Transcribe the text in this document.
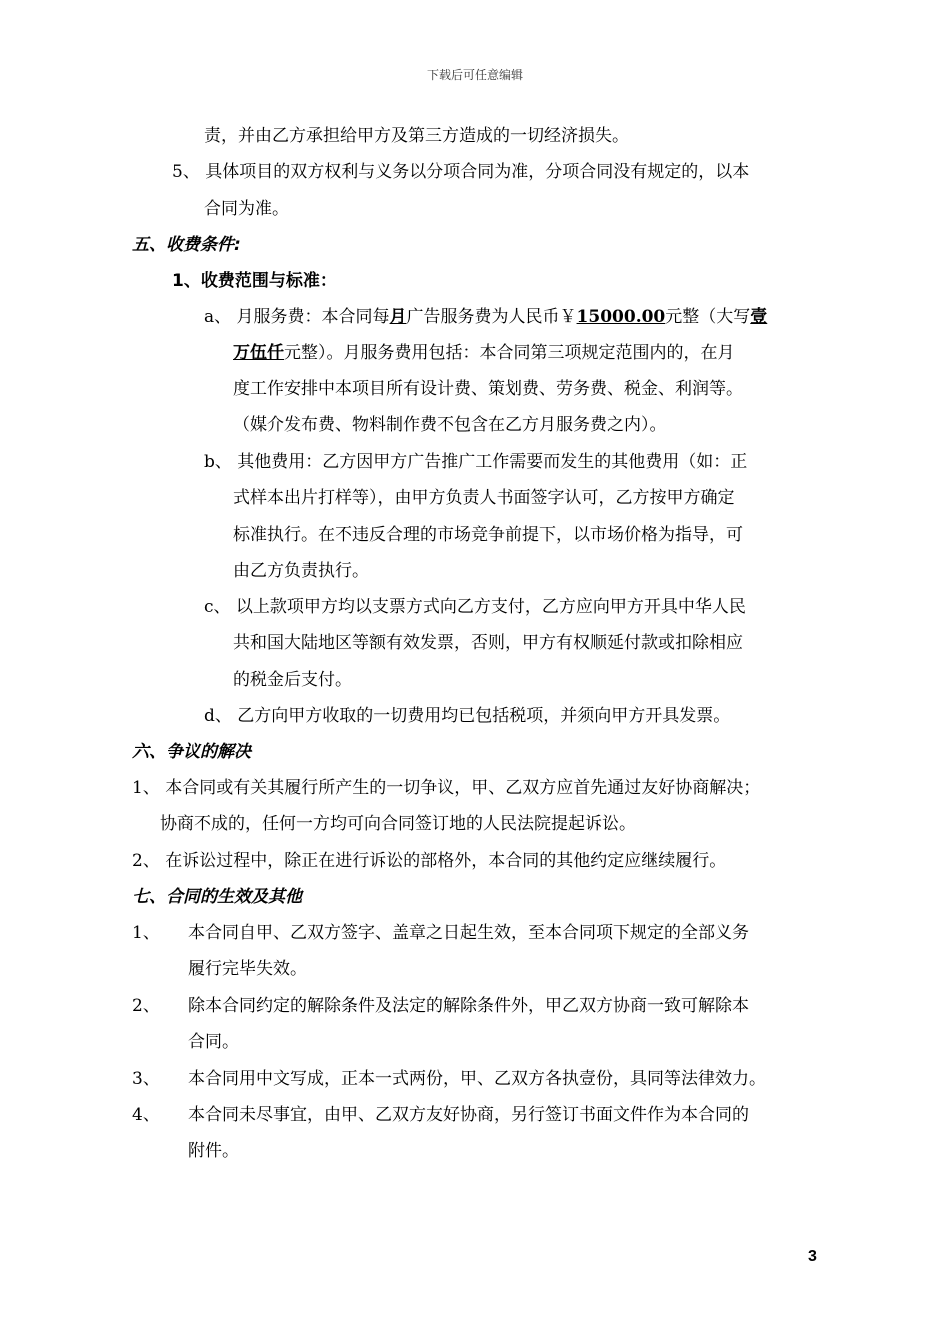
下载后可任意编辑
责，并由乙方承担给甲方及第三方造成的一切经济损失。
5、 具体项目的双方权利与义务以分项合同为准，分项合同没有规定的，以本
合同为准。
五、收费条件:
1、收费范围与标准：
a、 月服务费：本合同每月广告服务费为人民币￥15000.00元整（大写壹
万伍仟元整）。月服务费用包括：本合同第三项规定范围内的，在月
度工作安排中本项目所有设计费、策划费、劳务费、税金、利润等。
（媒介发布费、物料制作费不包含在乙方月服务费之内）。
b、 其他费用：乙方因甲方广告推广工作需要而发生的其他费用（如：正
式样本出片打样等），由甲方负责人书面签字认可，乙方按甲方确定
标准执行。在不违反合理的市场竞争前提下，以市场价格为指导，可
由乙方负责执行。
c、 以上款项甲方均以支票方式向乙方支付，乙方应向甲方开具中华人民
共和国大陆地区等额有效发票，否则，甲方有权顺延付款或扣除相应
的税金后支付。
d、 乙方向甲方收取的一切费用均已包括税项，并须向甲方开具发票。
六、争议的解决
1、 本合同或有关其履行所产生的一切争议，甲、乙双方应首先通过友好协商解决；
协商不成的，任何一方均可向合同签订地的人民法院提起诉讼。
2、 在诉讼过程中，除正在进行诉讼的部格外，本合同的其他约定应继续履行。
七、合同的生效及其他
1、 本合同自甲、乙双方签字、盖章之日起生效，至本合同项下规定的全部义务
履行完毕失效。
2、 除本合同约定的解除条件及法定的解除条件外，甲乙双方协商一致可解除本
合同。
3、 本合同用中文写成，正本一式两份，甲、乙双方各执壹份，具同等法律效力。
4、 本合同未尽事宜，由甲、乙双方友好协商，另行签订书面文件作为本合同的
附件。
3
